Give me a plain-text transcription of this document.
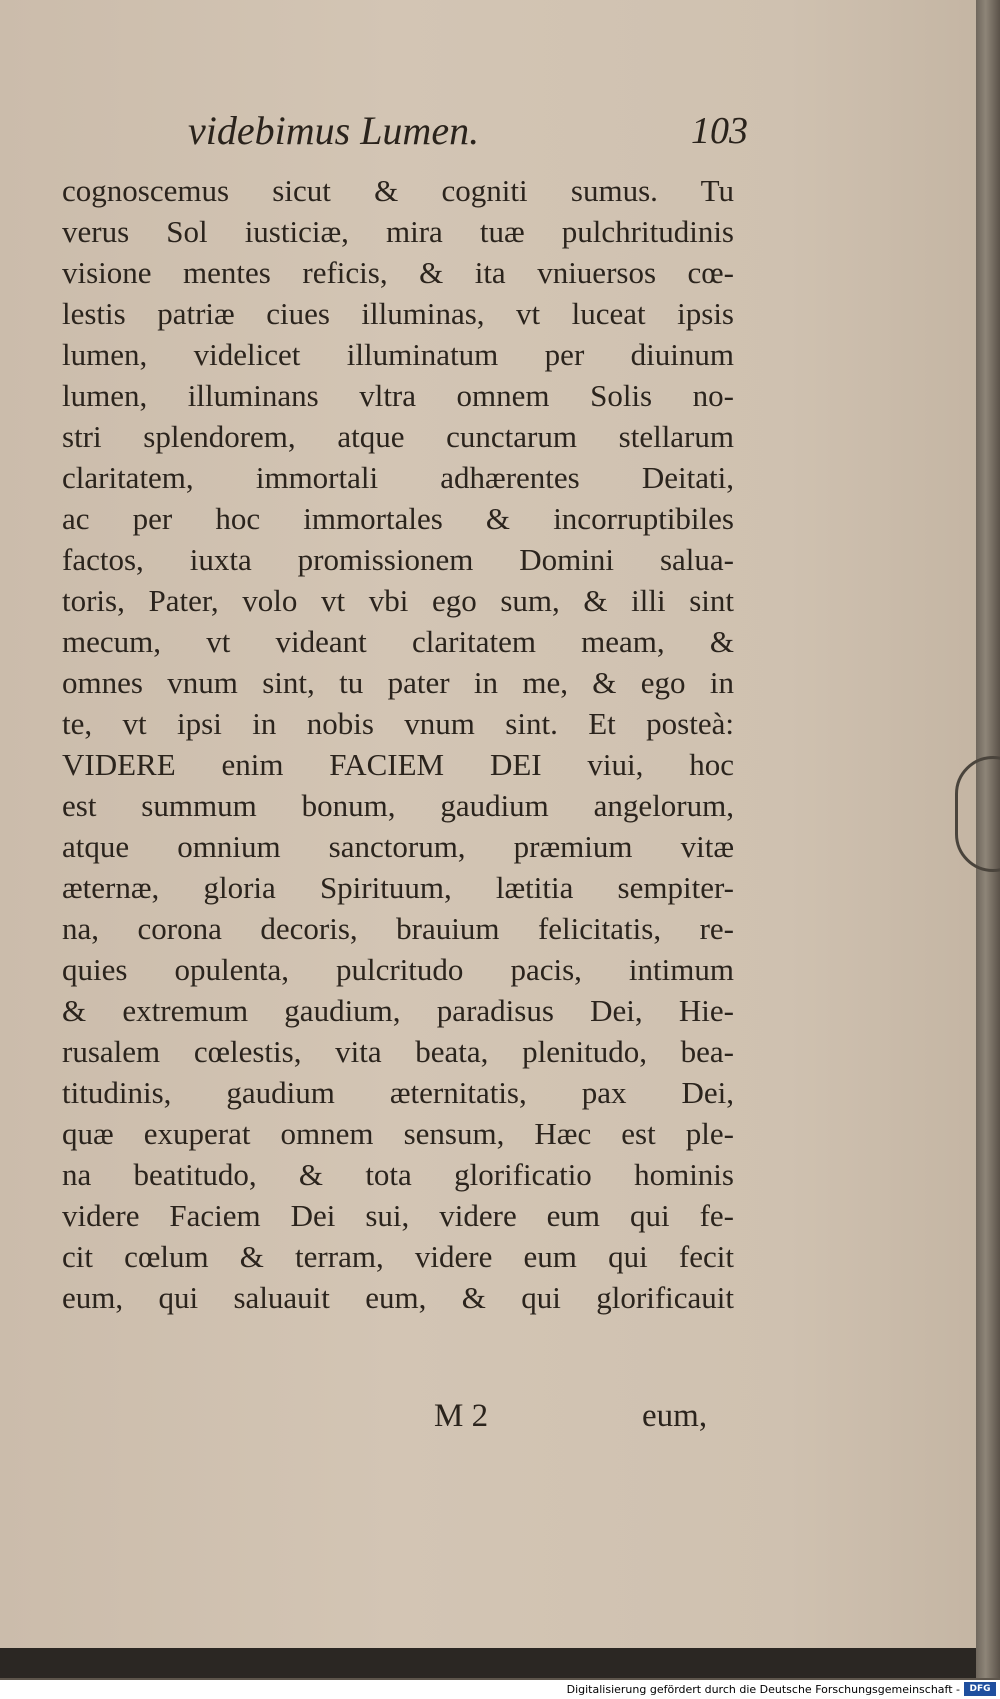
videbimus Lumen.	103
cognoscemus sicut & cogniti sumus. Tu
verus Sol iusticiæ, mira tuæ pulchritudinis
visione mentes reficis, & ita vniuersos cœ-
lestis patriæ ciues illuminas, vt luceat ipsis
lumen, videlicet illuminatum per diuinum
lumen, illuminans vltra omnem Solis no-
stri splendorem, atque cunctarum stellarum
claritatem, immortali adhærentes Deitati,
ac per hoc immortales & incorruptibiles
factos, iuxta promissionem Domini salua-
toris, Pater, volo vt vbi ego sum, & illi sint
mecum, vt videant claritatem meam, &
omnes vnum sint, tu pater in me, & ego in
te, vt ipsi in nobis vnum sint. Et posteà:
VIDERE enim FACIEM DEI viui, hoc
est summum bonum, gaudium angelorum,
atque omnium sanctorum, præmium vitæ
æternæ, gloria Spirituum, lætitia sempiter-
na, corona decoris, brauium felicitatis, re-
quies opulenta, pulcritudo pacis, intimum
& extremum gaudium, paradisus Dei, Hie-
rusalem cœlestis, vita beata, plenitudo, bea-
titudinis, gaudium æternitatis, pax Dei,
quæ exuperat omnem sensum, Hæc est ple-
na beatitudo, & tota glorificatio hominis
videre Faciem Dei sui, videre eum qui fe-
cit cœlum & terram, videre eum qui fecit
eum, qui saluauit eum, & qui glorificauit
M 2	eum,
Digitalisierung gefördert durch die Deutsche Forschungsgemeinschaft -	DFG
